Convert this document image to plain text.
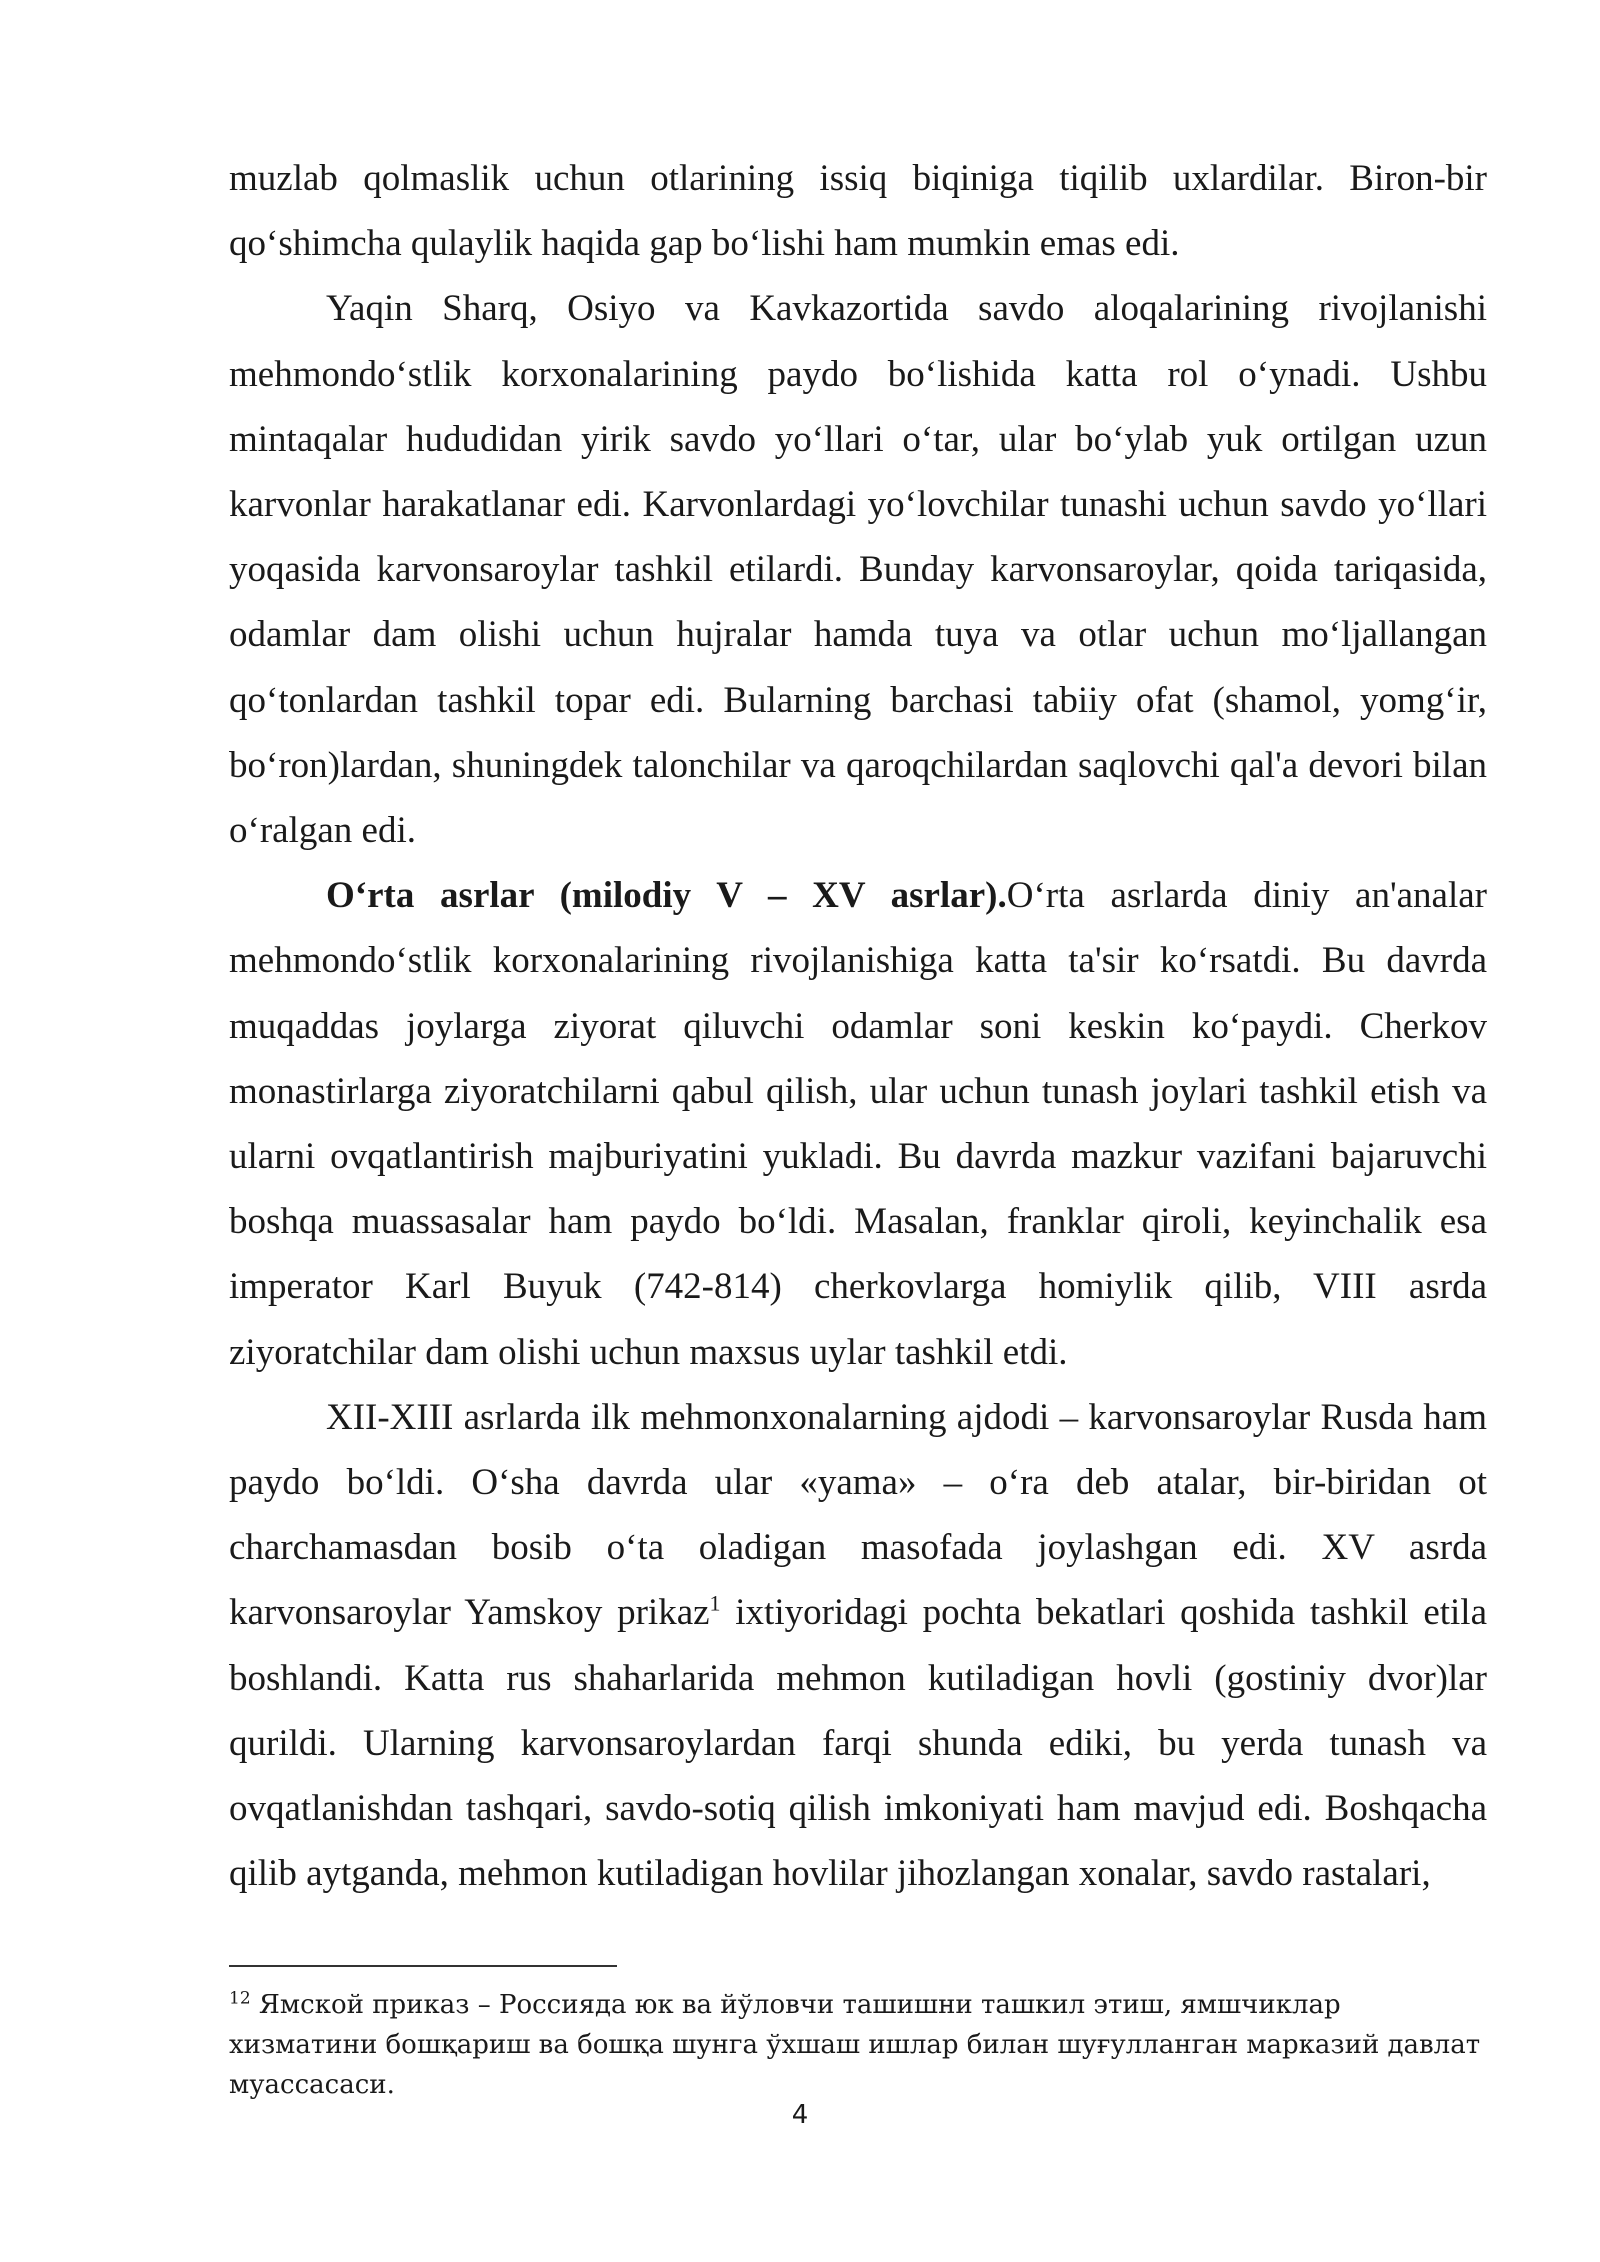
muzlab qolmaslik uchun otlarining issiq biqiniga tiqilib uxlardilar. Biron-bir qo‘shimcha qulaylik haqida gap bo‘lishi ham mumkin emas edi.

Yaqin Sharq, Osiyo va Kavkazortida savdo aloqalarining rivojlanishi mehmondo‘stlik korxonalarining paydo bo‘lishida katta rol o‘ynadi. Ushbu mintaqalar hududidan yirik savdo yo‘llari o‘tar, ular bo‘ylab yuk ortilgan uzun karvonlar harakatlanar edi. Karvonlardagi yo‘lovchilar tunashi uchun savdo yo‘llari yoqasida karvonsaroylar tashkil etilardi. Bunday karvonsaroylar, qoida tariqasida, odamlar dam olishi uchun hujralar hamda tuya va otlar uchun mo‘ljallangan qo‘tonlardan tashkil topar edi. Bularning barchasi tabiiy ofat (shamol, yomg‘ir, bo‘ron)lardan, shuningdek talonchilar va qaroqchilardan saqlovchi qal'a devori bilan o‘ralgan edi.

O‘rta asrlar (milodiy V – XV asrlar).O‘rta asrlarda diniy an'analar mehmondo‘stlik korxonalarining rivojlanishiga katta ta'sir ko‘rsatdi. Bu davrda muqaddas joylarga ziyorat qiluvchi odamlar soni keskin ko‘paydi. Cherkov monastirlarga ziyoratchilarni qabul qilish, ular uchun tunash joylari tashkil etish va ularni ovqatlantirish majburiyatini yukladi. Bu davrda mazkur vazifani bajaruvchi boshqa muassasalar ham paydo bo‘ldi. Masalan, franklar qiroli, keyinchalik esa imperator Karl Buyuk (742-814) cherkovlarga homiylik qilib, VIII asrda ziyoratchilar dam olishi uchun maxsus uylar tashkil etdi.

XII-XIII asrlarda ilk mehmonxonalarning ajdodi – karvonsaroylar Rusda ham paydo bo‘ldi. O‘sha davrda ular «yama» – o‘ra deb atalar, bir-biridan ot charchamasdan bosib o‘ta oladigan masofada joylashgan edi. XV asrda karvonsaroylar Yamskoy prikaz$^1$ ixtiyoridagi pochta bekatlari qoshida tashkil etila boshlandi. Katta rus shaharlarida mehmon kutiladigan hovli (gostiniy dvor)lar qurildi. Ularning karvonsaroylardan farqi shunda ediki, bu yerda tunash va ovqatlanishdan tashqari, savdo-sotiq qilish imkoniyati ham mavjud edi. Boshqacha qilib aytganda, mehmon kutiladigan hovlilar jihozlangan xonalar, savdo rastalari,

$^{12}$ Ямской приказ – Россияда юк ва йўловчи ташишни ташкил этиш, ямшчиклар хизматини бошқариш ва бошқа шунга ўхшаш ишлар билан шуғулланган марказий давлат муассасаси.
4
